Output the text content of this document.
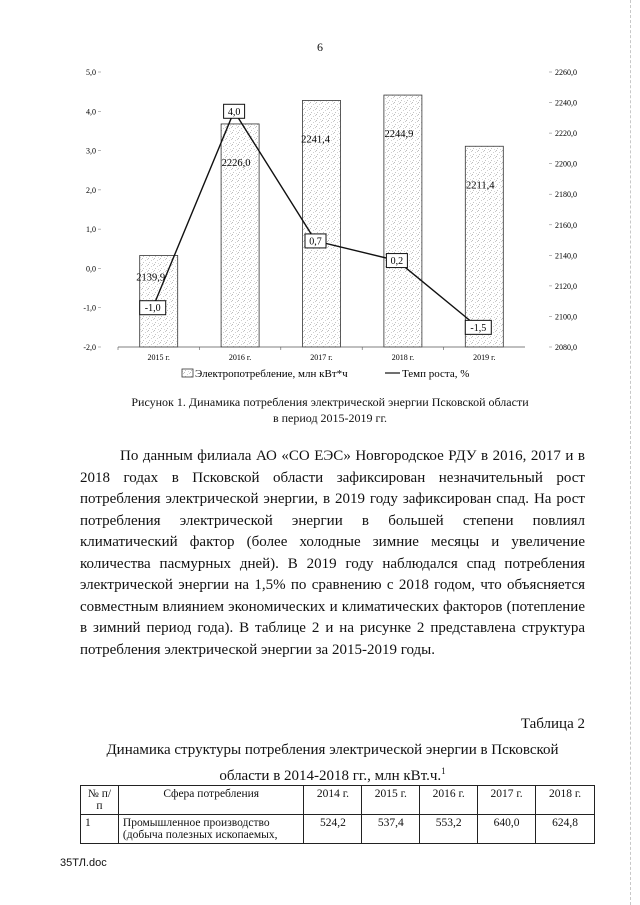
6
-2,0
-1,0
0,0
1,0
2,0
3,0
4,0
5,0
2080,0
2100,0
2120,0
2140,0
2160,0
2180,0
2200,0
2220,0
2240,0
2260,0
2015 г.	2016 г.	2017 г.	2018 г.	2019 г.
-1,0
4,0
0,7
0,2
-1,5
2139,9
2226,0
2241,4	2244,9
2211,4
Электропотребление, млн кВт*ч	Темп роста, %
Рисунок 1. Динамика потребления электрической энергии Псковской области
в период 2015-2019 гг.

По данным филиала АО «СО ЕЭС» Новгородское РДУ в 2016, 2017 и в 2018 годах в Псковской области зафиксирован незначительный рост потребления электрической энергии, в 2019 году зафиксирован спад. На рост потребления электрической энергии в большей степени повлиял климатический фактор (более холодные зимние месяцы и увеличение количества пасмурных дней). В 2019 году наблюдался спад потребления электрической энергии на 1,5% по сравнению с 2018 годом, что объясняется совместным влиянием экономических и климатических факторов (потепление в зимний период года). В таблице 2 и на рисунке 2 представлена структура потребления электрической энергии за 2015-2019 годы.

Таблица 2
Динамика структуры потребления электрической энергии в Псковской
области в 2014-2018 гг., млн кВт.ч.$^1$
№ п/п	Сфера потребления	2014 г.	2015 г.	2016 г.	2017 г.	2018 г.
1	Промышленное производство (добыча полезных ископаемых,	524,2	537,4	553,2	640,0	624,8
35ТЛ.doc
